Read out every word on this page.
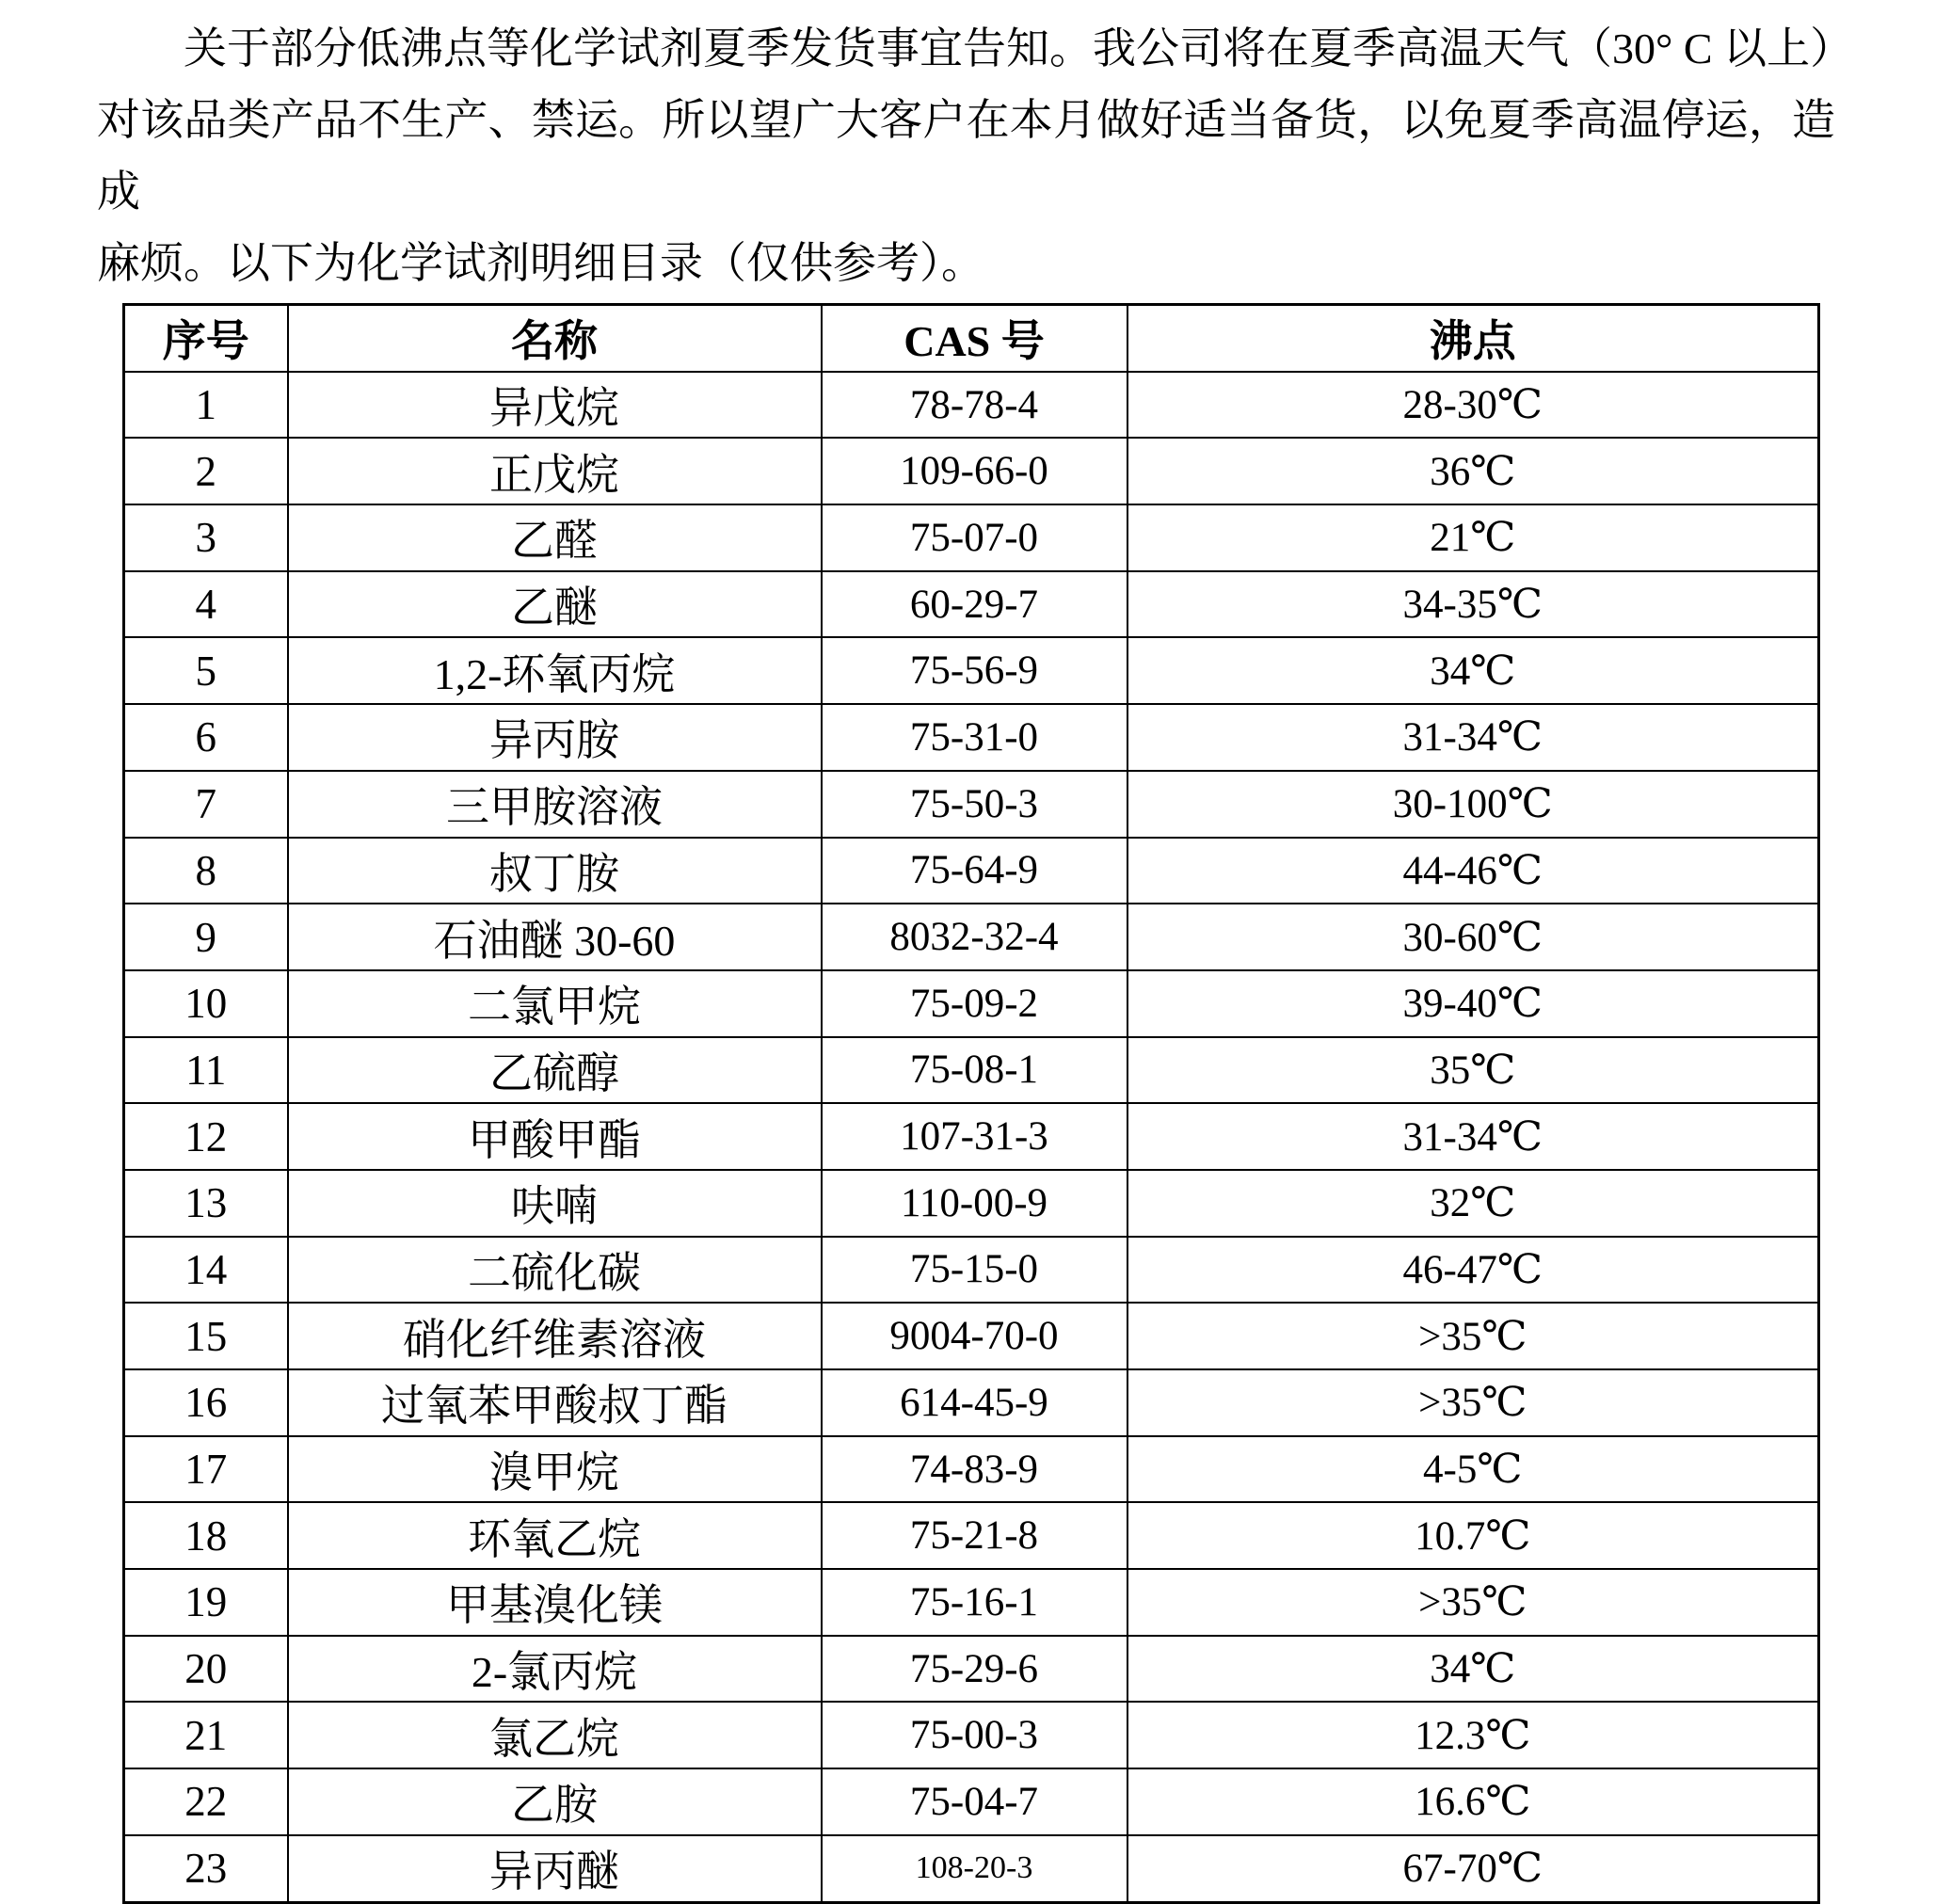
关于部分低沸点等化学试剂夏季发货事宜告知。我公司将在夏季高温天气（30° C 以上）
对该品类产品不生产、禁运。所以望广大客户在本月做好适当备货，以免夏季高温停运，造成
麻烦。以下为化学试剂明细目录（仅供参考）。
序号	名称	CAS 号	沸点
1	异戊烷	78-78-4	28-30℃
2	正戊烷	109-66-0	36℃
3	乙醛	75-07-0	21℃
4	乙醚	60-29-7	34-35℃
5	1,2-环氧丙烷	75-56-9	34℃
6	异丙胺	75-31-0	31-34℃
7	三甲胺溶液	75-50-3	30-100℃
8	叔丁胺	75-64-9	44-46℃
9	石油醚 30-60	8032-32-4	30-60℃
10	二氯甲烷	75-09-2	39-40℃
11	乙硫醇	75-08-1	35℃
12	甲酸甲酯	107-31-3	31-34℃
13	呋喃	110-00-9	32℃
14	二硫化碳	75-15-0	46-47℃
15	硝化纤维素溶液	9004-70-0	>35℃
16	过氧苯甲酸叔丁酯	614-45-9	>35℃
17	溴甲烷	74-83-9	4-5℃
18	环氧乙烷	75-21-8	10.7℃
19	甲基溴化镁	75-16-1	>35℃
20	2-氯丙烷	75-29-6	34℃
21	氯乙烷	75-00-3	12.3℃
22	乙胺	75-04-7	16.6℃
23	异丙醚	108-20-3	67-70℃
